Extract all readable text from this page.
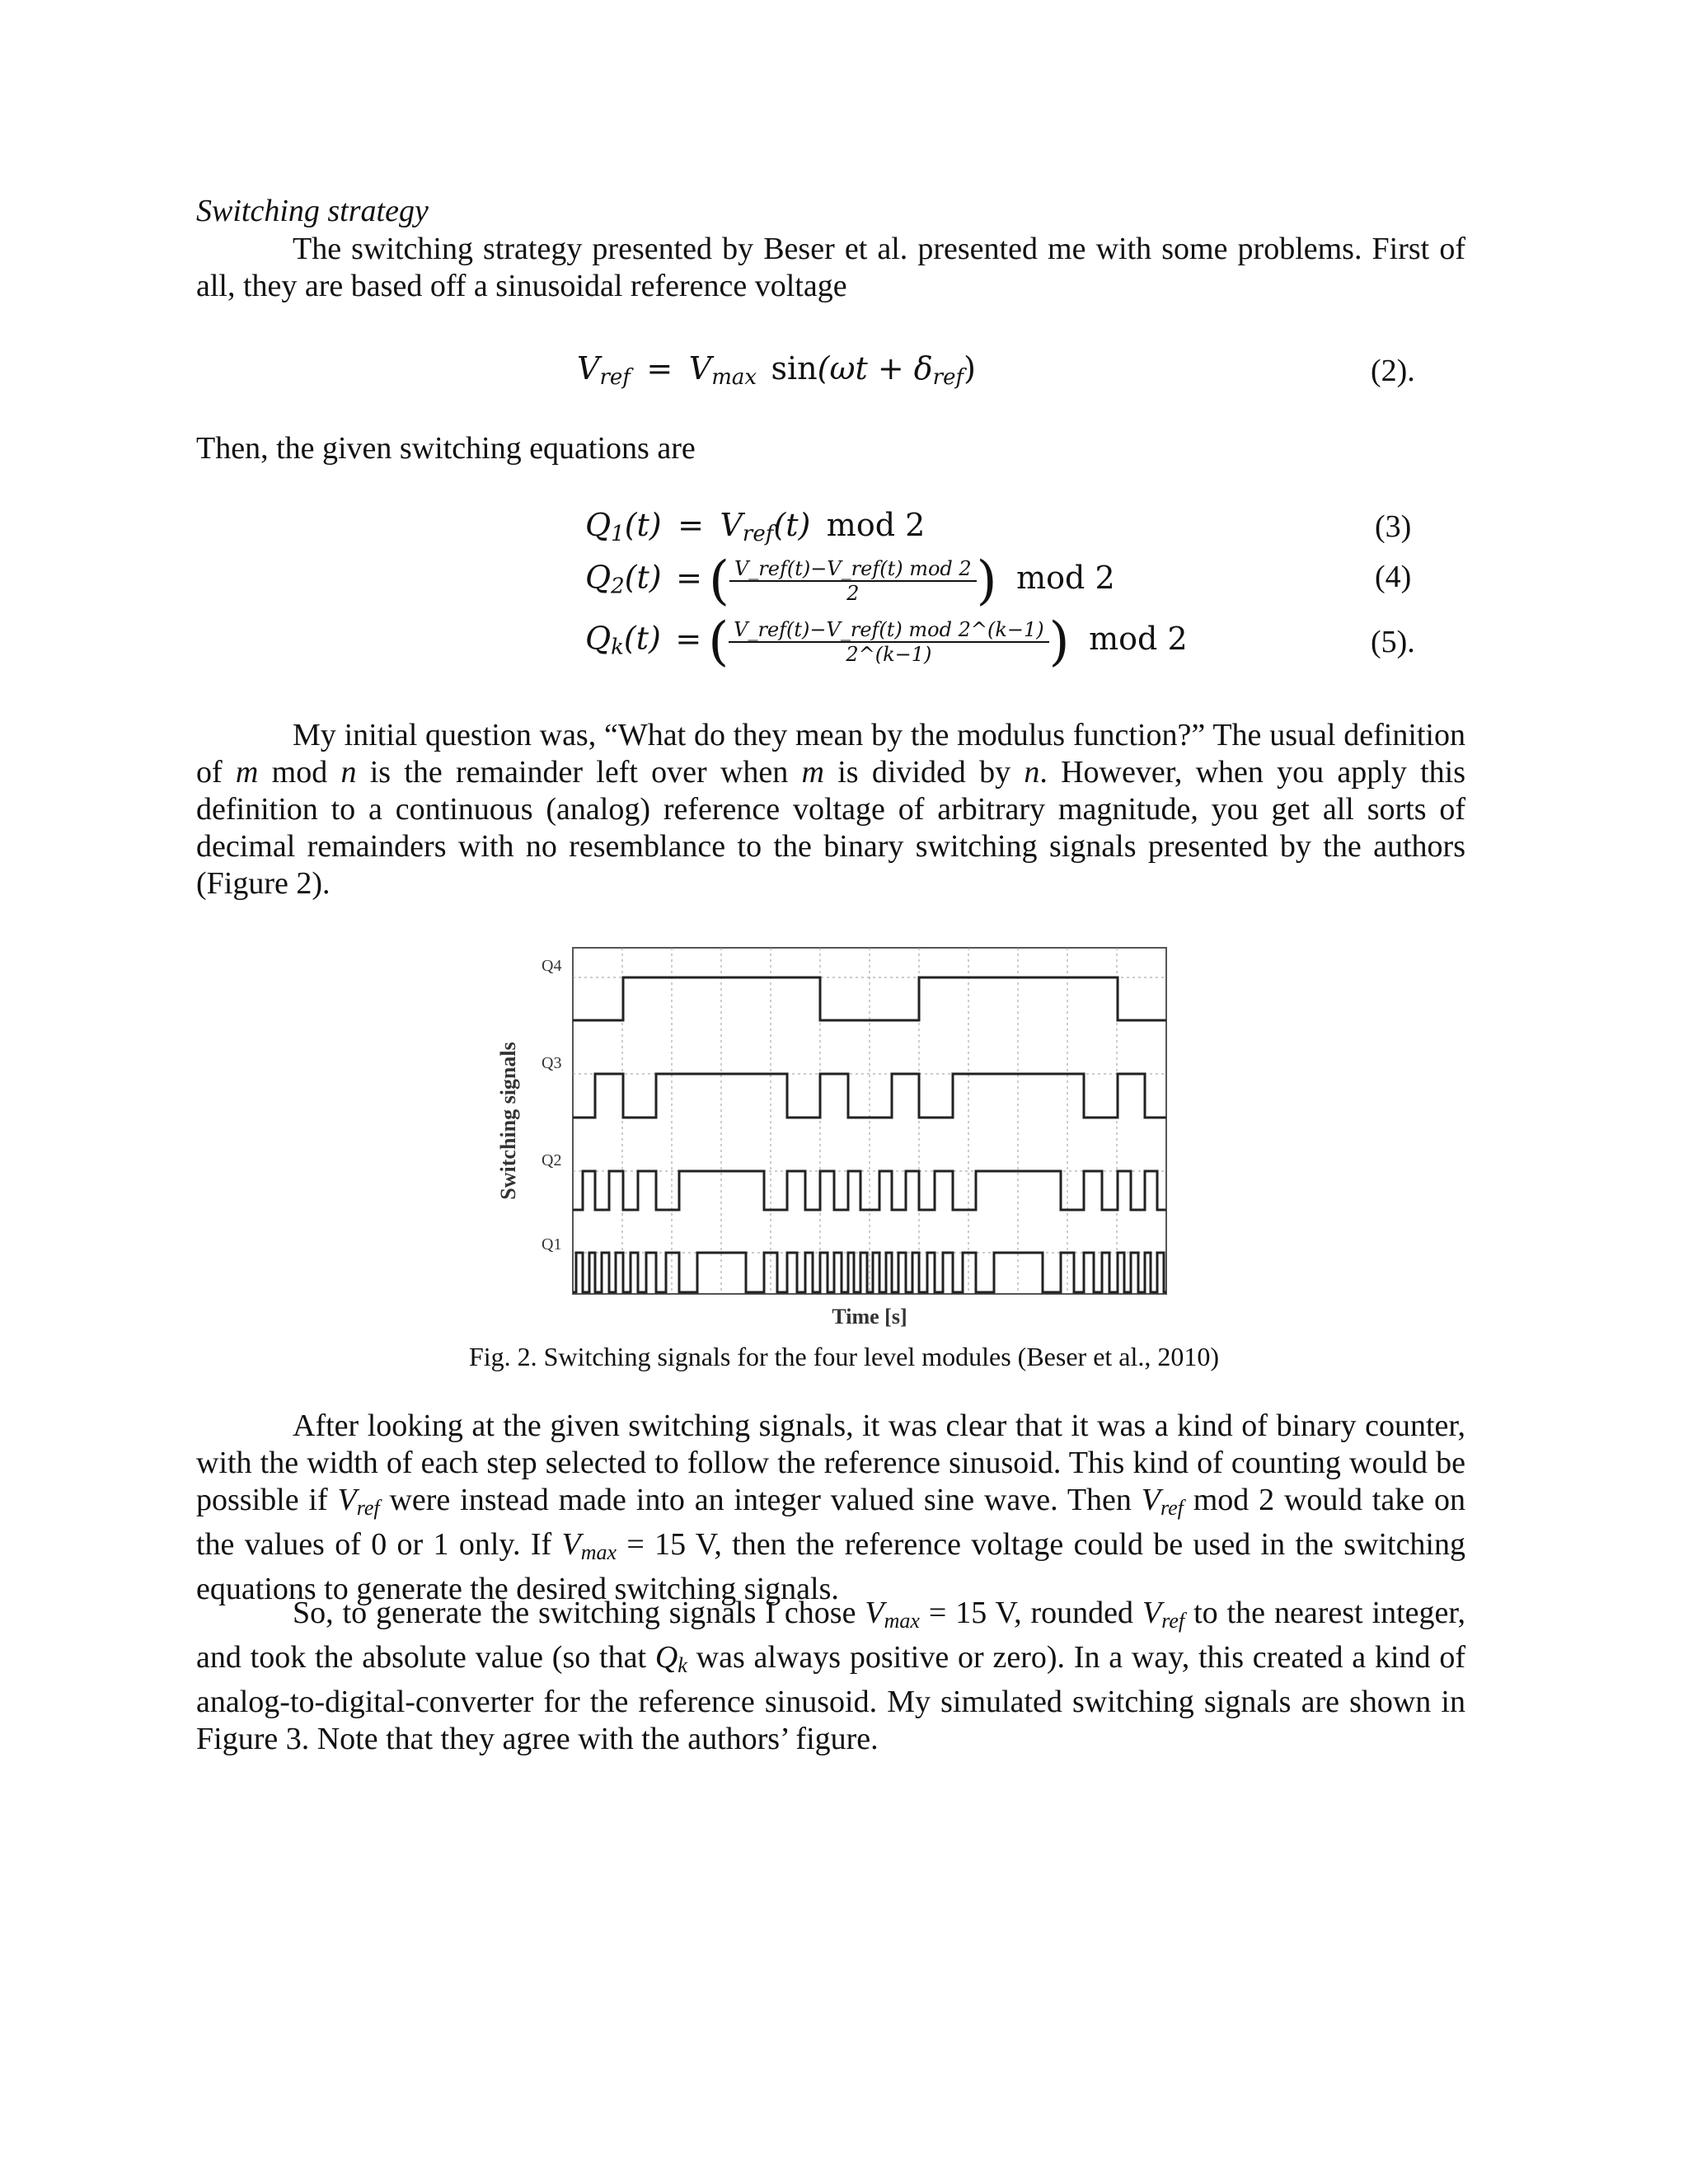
Switching strategy

The switching strategy presented by Beser et al. presented me with some problems. First of all, they are based off a sinusoidal reference voltage

$V_{ref} = V_{max}$ $\sin(\omega t + \delta_{ref})$	(2).
Then, the given switching equations are
$Q_1(t) = V_{ref}(t)$ mod 2	(3)
$Q_2(t)$ = ( $\frac{\text{V\_ref(t)−V\_ref(t) mod 2}}{2}$ ) mod 2	(4)
$Q_k(t)$ = ( $\frac{\text{V\_ref(t)−V\_ref(t) mod 2\textasciicircum{}(k−1)}}{2\^{}(k-1)}$ ) mod 2	(5).

My initial question was, “What do they mean by the modulus function?” The usual definition of m mod n is the remainder left over when m is divided by n. However, when you apply this definition to a continuous (analog) reference voltage of arbitrary magnitude, you get all sorts of decimal remainders with no resemblance to the binary switching signals presented by the authors (Figure 2).

Q4
Q3
Q2
Q1
Switching signals
Time [s]
Fig. 2. Switching signals for the four level modules (Beser et al., 2010)

After looking at the given switching signals, it was clear that it was a kind of binary counter, with the width of each step selected to follow the reference sinusoid. This kind of counting would be possible if $V_{ref}$ were instead made into an integer valued sine wave. Then $V_{ref}$ mod 2 would take on the values of 0 or 1 only. If $V_{max} = 15$ V, then the reference voltage could be used in the switching equations to generate the desired switching signals.

So, to generate the switching signals I chose $V_{max} = 15$ V, rounded $V_{ref}$ to the nearest integer, and took the absolute value (so that $Q_k$ was always positive or zero). In a way, this created a kind of analog-to-digital-converter for the reference sinusoid. My simulated switching signals are shown in Figure 3. Note that they agree with the authors’ figure.
